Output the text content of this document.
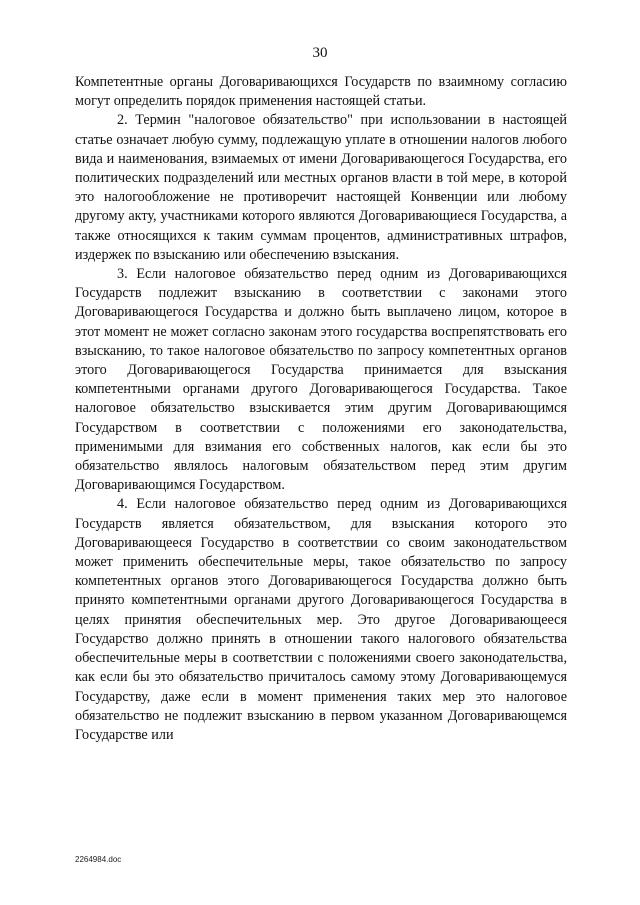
30

Компетентные органы Договаривающихся Государств по взаимному согласию могут определить порядок применения настоящей статьи.

2. Термин "налоговое обязательство" при использовании в настоящей статье означает любую сумму, подлежащую уплате в отношении налогов любого вида и наименования, взимаемых от имени Договаривающегося Государства, его политических подразделений или местных органов власти в той мере, в которой это налогообложение не противоречит настоящей Конвенции или любому другому акту, участниками которого являются Договаривающиеся Государства, а также относящихся к таким суммам процентов, административных штрафов, издержек по взысканию или обеспечению взыскания.

3. Если налоговое обязательство перед одним из Договаривающихся Государств подлежит взысканию в соответствии с законами этого Договаривающегося Государства и должно быть выплачено лицом, которое в этот момент не может согласно законам этого государства воспрепятствовать его взысканию, то такое налоговое обязательство по запросу компетентных органов этого Договаривающегося Государства принимается для взыскания компетентными органами другого Договаривающегося Государства. Такое налоговое обязательство взыскивается этим другим Договаривающимся Государством в соответствии с положениями его законодательства, применимыми для взимания его собственных налогов, как если бы это обязательство являлось налоговым обязательством перед этим другим Договаривающимся Государством.

4. Если налоговое обязательство перед одним из Договаривающихся Государств является обязательством, для взыскания которого это Договаривающееся Государство в соответствии со своим законодательством может применить обеспечительные меры, такое обязательство по запросу компетентных органов этого Договаривающегося Государства должно быть принято компетентными органами другого Договаривающегося Государства в целях принятия обеспечительных мер. Это другое Договаривающееся Государство должно принять в отношении такого налогового обязательства обеспечительные меры в соответствии с положениями своего законодательства, как если бы это обязательство причиталось самому этому Договаривающемуся Государству, даже если в момент применения таких мер это налоговое обязательство не подлежит взысканию в первом указанном Договаривающемся Государстве или

2264984.doc
